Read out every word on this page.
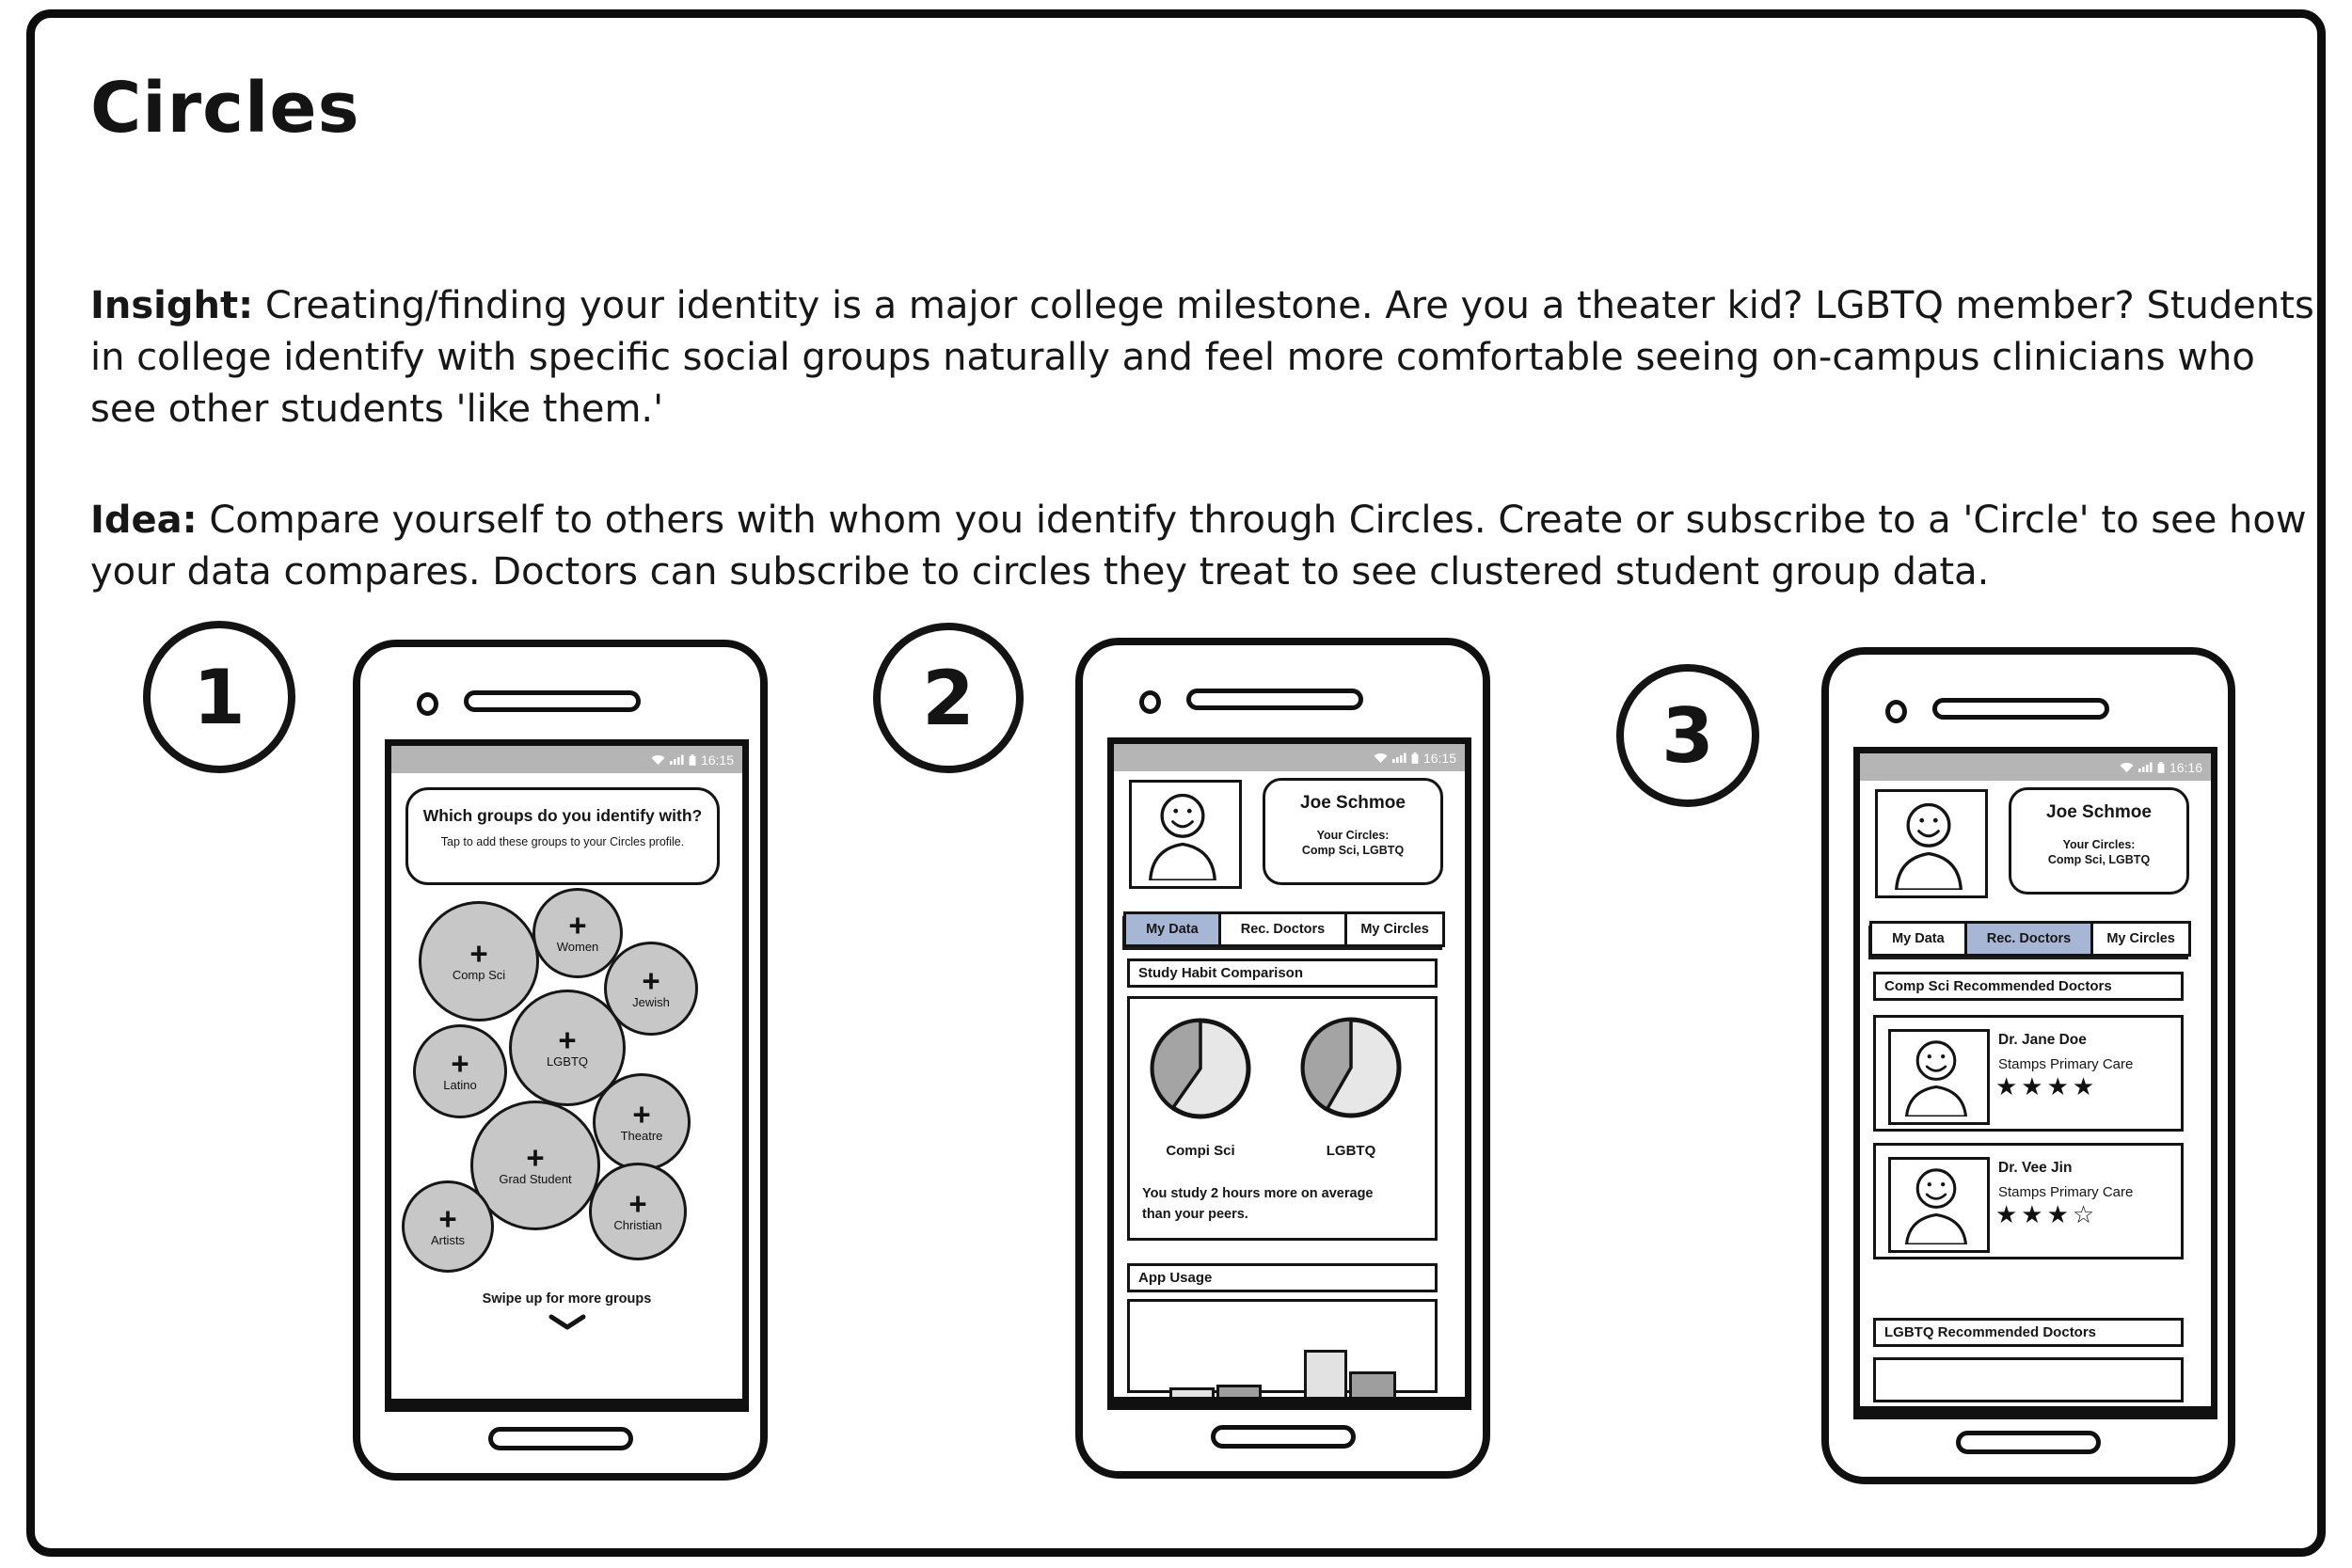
Circles

Insight: Creating/finding your identity is a major college milestone. Are you a theater kid? LGBTQ member? Students in college identify with specific social groups naturally and feel more comfortable seeing on-campus clinicians who see other students 'like them.'

Idea: Compare yourself to others with whom you identify through Circles. Create or subscribe to a 'Circle' to see how your data compares. Doctors can subscribe to circles they treat to see clustered student group data.

1	2	3
16:15
Which groups do you identify with?
Tap to add these groups to your Circles profile.
+
Comp Sci
+
Women
+
Jewish
+
LGBTQ
+
Latino
+
Theatre
+
Grad Student
+
Artists
+
Christian
Swipe up for more groups
16:15
Joe Schmoe
Your Circles:
Comp Sci, LGBTQ
My Data	Rec. Doctors	My Circles
Study Habit Comparison
Compi Sci	LGBTQ
You study 2 hours more on average than your peers.
App Usage
16:16
Joe Schmoe
Your Circles:
Comp Sci, LGBTQ
My Data	Rec. Doctors	My Circles
Comp Sci Recommended Doctors
Dr. Jane Doe
Stamps Primary Care
★★★★
Dr. Vee Jin
Stamps Primary Care
★★★☆
LGBTQ Recommended Doctors
